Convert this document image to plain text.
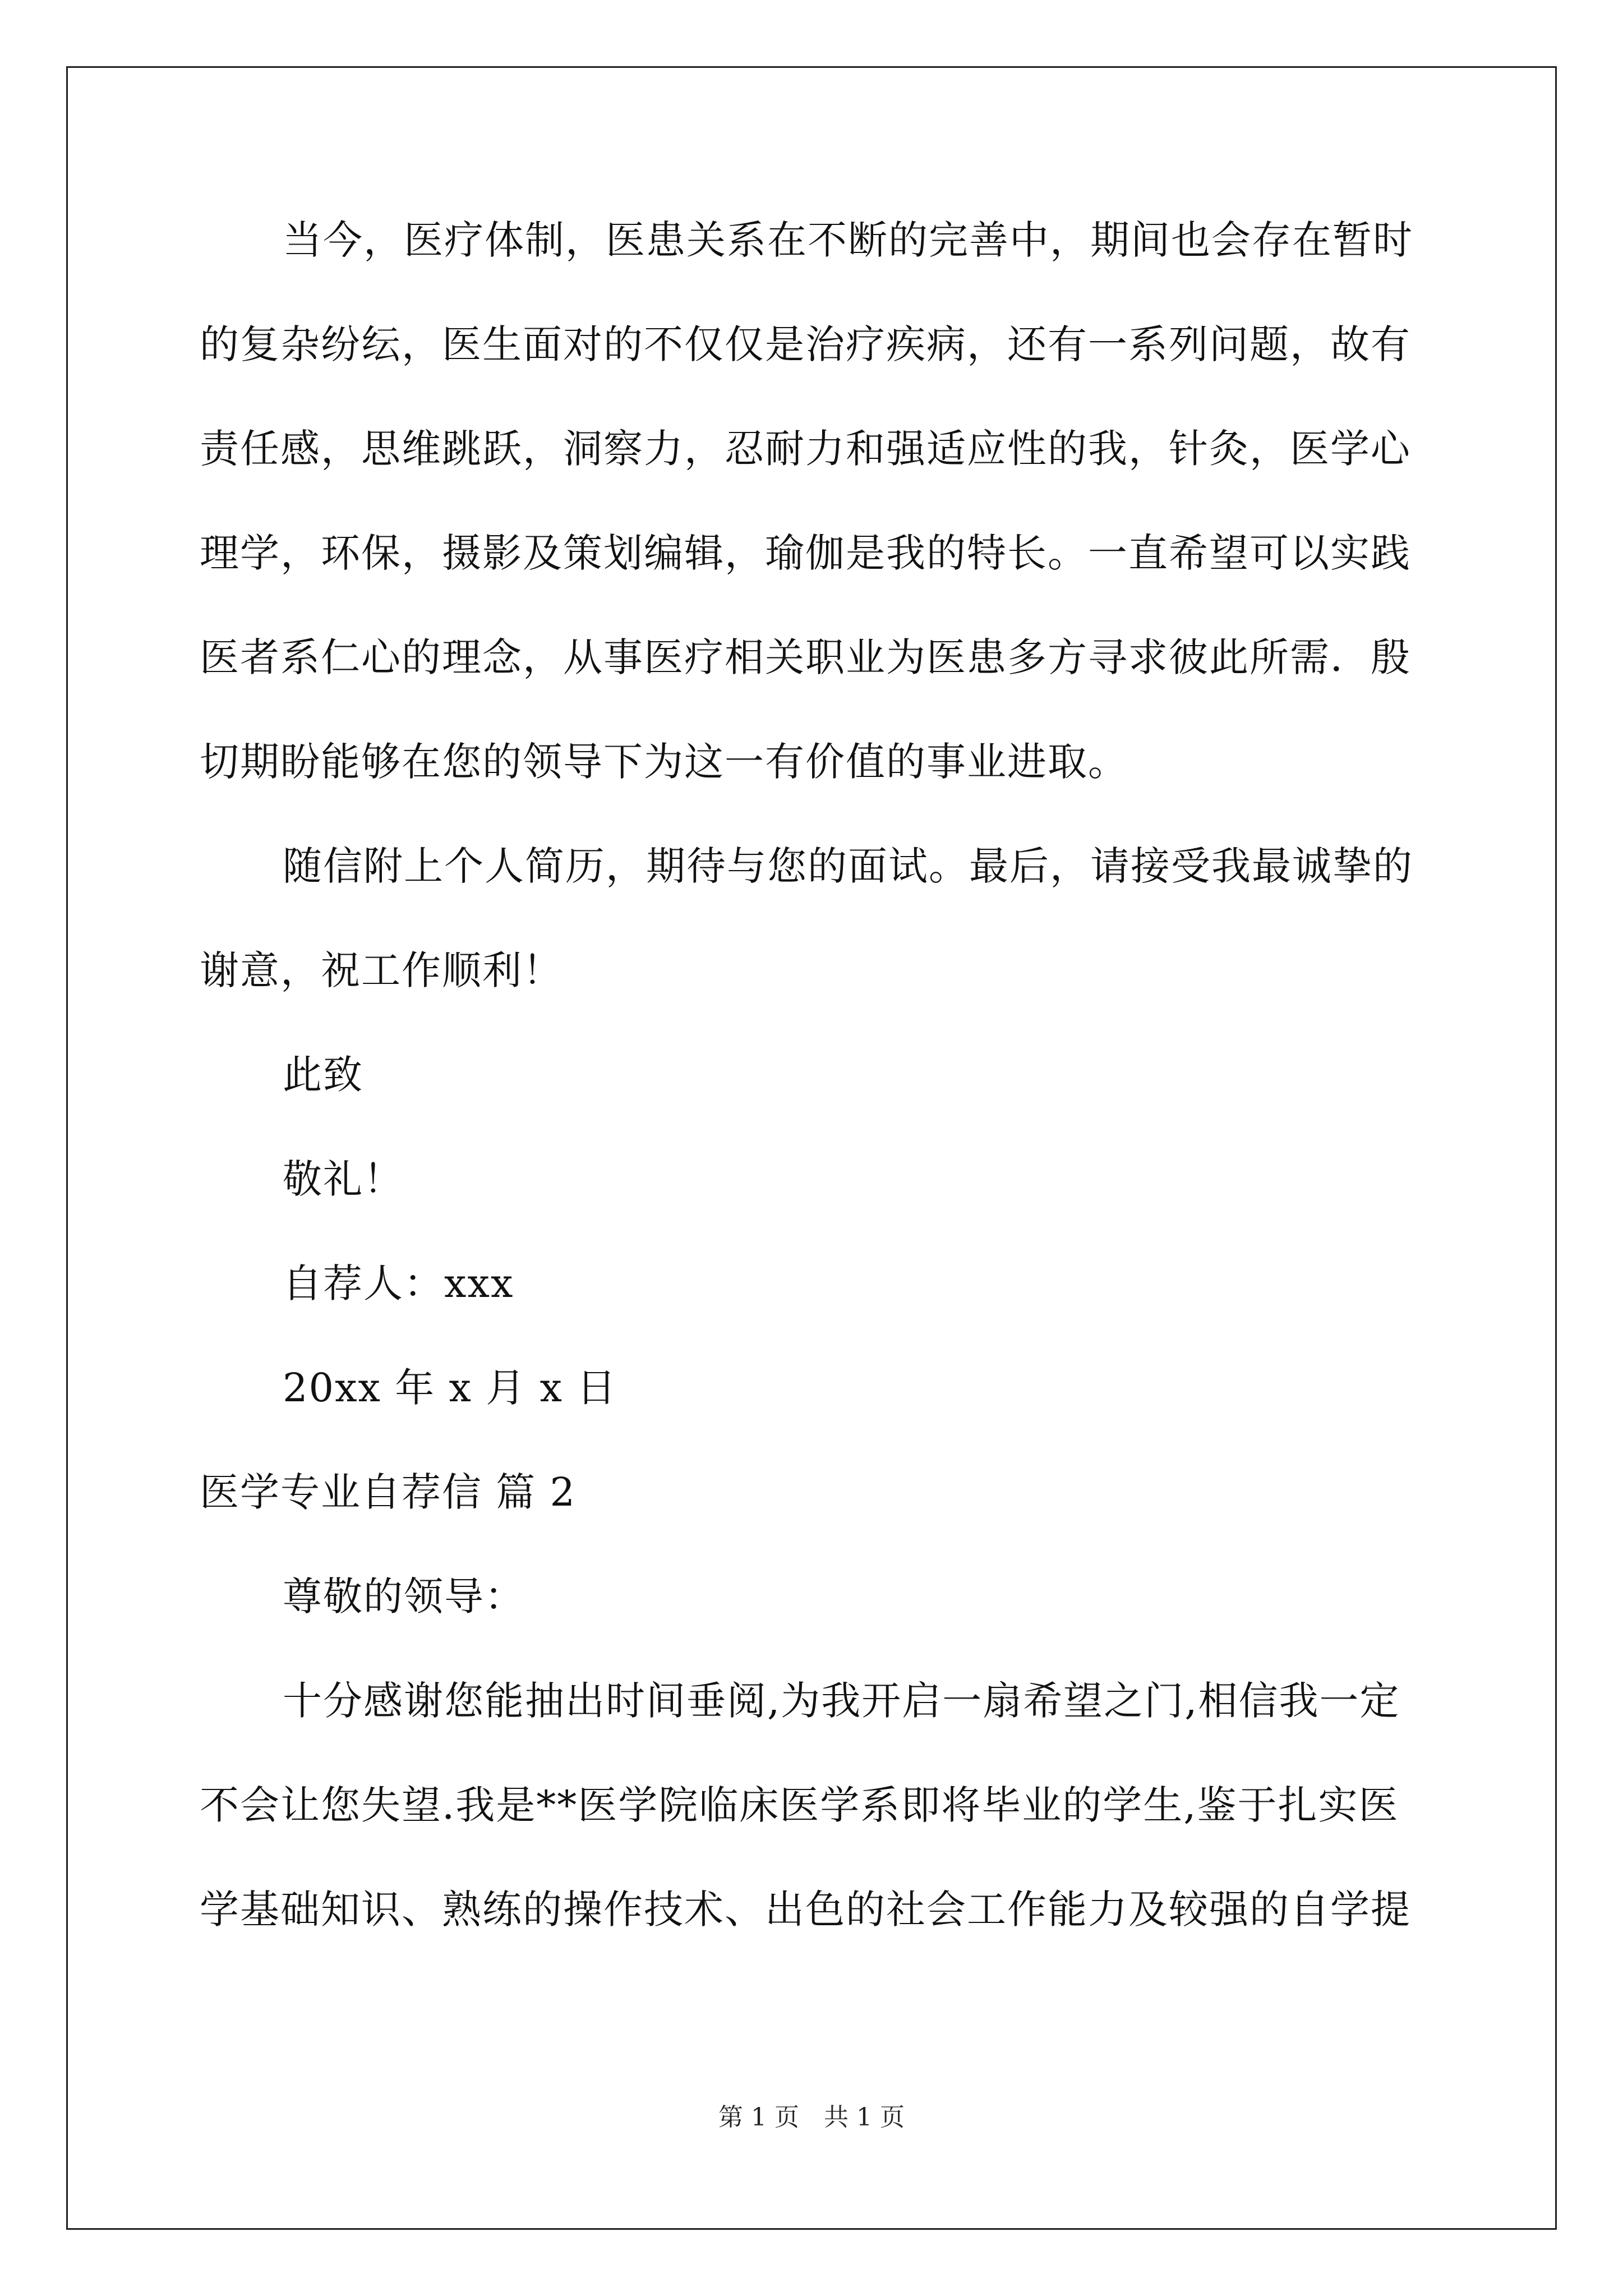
当今，医疗体制，医患关系在不断的完善中，期间也会存在暂时
的复杂纷纭，医生面对的不仅仅是治疗疾病，还有一系列问题，故有
责任感，思维跳跃，洞察力，忍耐力和强适应性的我，针灸，医学心
理学，环保，摄影及策划编辑，瑜伽是我的特长。一直希望可以实践
医者系仁心的理念，从事医疗相关职业为医患多方寻求彼此所需．殷
切期盼能够在您的领导下为这一有价值的事业进取。
随信附上个人简历，期待与您的面试。最后，请接受我最诚挚的
谢意，祝工作顺利！
此致
敬礼！
自荐人：xxx
20xx 年 x 月 x 日
医学专业自荐信 篇 2
尊敬的领导：
十分感谢您能抽出时间垂阅,为我开启一扇希望之门,相信我一定
不会让您失望.我是**医学院临床医学系即将毕业的学生,鉴于扎实医
学基础知识、熟练的操作技术、出色的社会工作能力及较强的自学提
第 1 页　共 1 页
